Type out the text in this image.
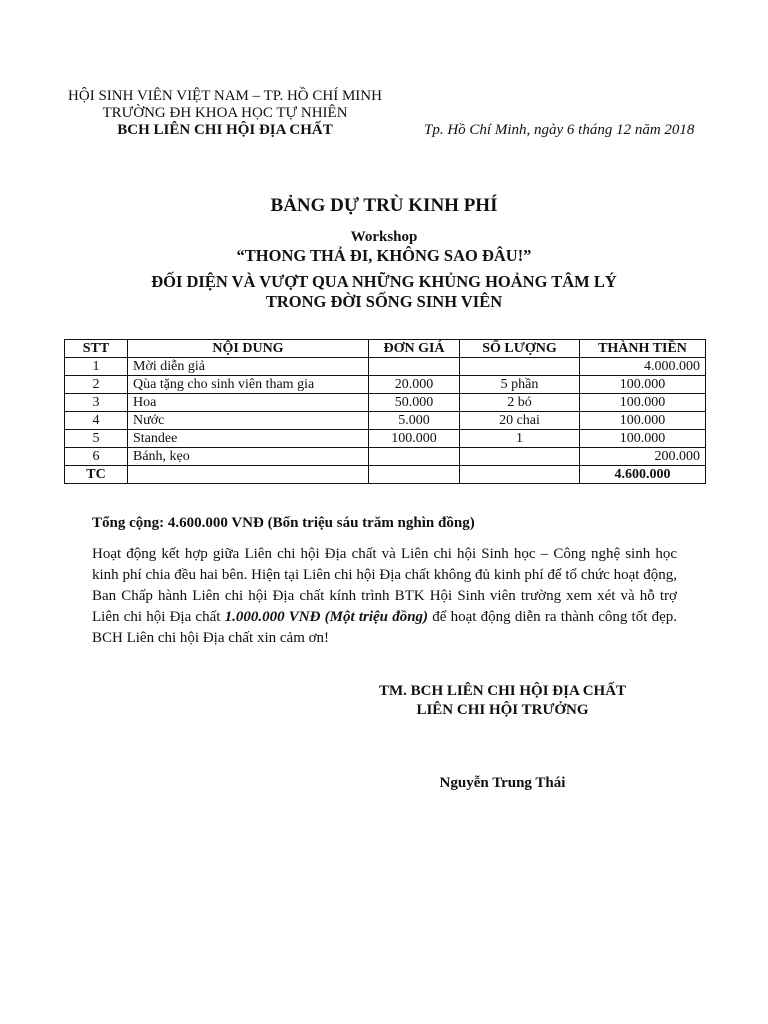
HỘI SINH VIÊN VIỆT NAM – TP. HỒ CHÍ MINH
TRƯỜNG ĐH KHOA HỌC TỰ NHIÊN
BCH LIÊN CHI HỘI ĐỊA CHẤT	Tp. Hồ Chí Minh, ngày 6 tháng 12 năm 2018
BẢNG DỰ TRÙ KINH PHÍ
Workshop
“THONG THẢ ĐI, KHÔNG SAO ĐÂU!”
ĐỐI DIỆN VÀ VƯỢT QUA NHỮNG KHỦNG HOẢNG TÂM LÝ
TRONG ĐỜI SỐNG SINH VIÊN
STT	NỘI DUNG	ĐƠN GIÁ	SỐ LƯỢNG	THÀNH TIỀN
1	Mời diễn giả			4.000.000
2	Qùa tặng cho sinh viên tham gia	20.000	5 phần	100.000
3	Hoa	50.000	2 bó	100.000
4	Nước	5.000	20 chai	100.000
5	Standee	100.000	1	100.000
6	Bánh, kẹo			200.000
TC				4.600.000
Tổng cộng: 4.600.000 VNĐ (Bốn triệu sáu trăm nghìn đồng)
Hoạt động kết hợp giữa Liên chi hội Địa chất và Liên chi hội Sinh học – Công nghệ sinh học kinh phí chia đều hai bên. Hiện tại Liên chi hội Địa chất không đủ kinh phí để tổ chức hoạt động, Ban Chấp hành Liên chi hội Địa chất kính trình BTK Hội Sinh viên trường xem xét và hỗ trợ Liên chi hội Địa chất 1.000.000 VNĐ (Một triệu đồng) để hoạt động diễn ra thành công tốt đẹp. BCH Liên chi hội Địa chất xin cảm ơn!
TM. BCH LIÊN CHI HỘI ĐỊA CHẤT
LIÊN CHI HỘI TRƯỞNG
Nguyễn Trung Thái
